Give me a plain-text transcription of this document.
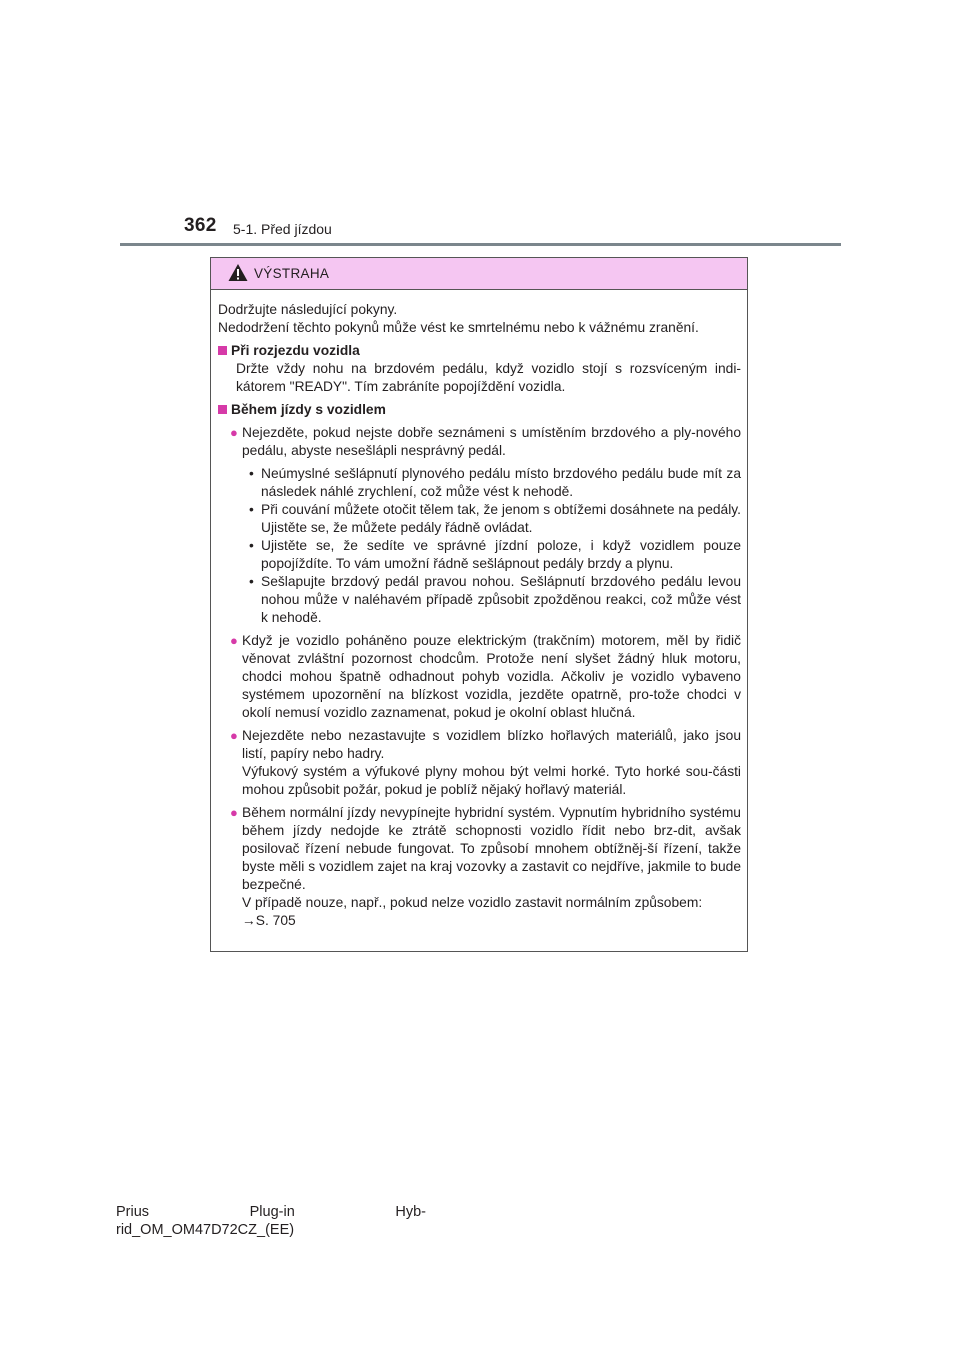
362 5-1. Před jízdou
VÝSTRAHA

Dodržujte následující pokyny.

Nedodržení těchto pokynů může vést ke smrtelnému nebo k vážnému zranění.

Při rozjezdu vozidla

Držte vždy nohu na brzdovém pedálu, když vozidlo stojí s rozsvíceným indi-kátorem "READY". Tím zabráníte popojíždění vozidla.

Během jízdy s vozidlem
● Nejezděte, pokud nejste dobře seznámeni s umístěním brzdového a ply-nového pedálu, abyste nesešlápli nesprávný pedál.
• Neúmyslné sešlápnutí plynového pedálu místo brzdového pedálu bude mít za následek náhlé zrychlení, což může vést k nehodě.
• Při couvání můžete otočit tělem tak, že jenom s obtížemi dosáhnete na pedály. Ujistěte se, že můžete pedály řádně ovládat.
• Ujistěte se, že sedíte ve správné jízdní poloze, i když vozidlem pouze popojíždíte. To vám umožní řádně sešlápnout pedály brzdy a plynu.
• Sešlapujte brzdový pedál pravou nohou. Sešlápnutí brzdového pedálu levou nohou může v naléhavém případě způsobit zpožděnou reakci, což může vést k nehodě.
● Když je vozidlo poháněno pouze elektrickým (trakčním) motorem, měl by řidič věnovat zvláštní pozornost chodcům. Protože není slyšet žádný hluk motoru, chodci mohou špatně odhadnout pohyb vozidla. Ačkoliv je vozidlo vybaveno systémem upozornění na blízkost vozidla, jezděte opatrně, pro-tože chodci v okolí nemusí vozidlo zaznamenat, pokud je okolní oblast hlučná.
● Nejezděte nebo nezastavujte s vozidlem blízko hořlavých materiálů, jako jsou listí, papíry nebo hadry.
Výfukový systém a výfukové plyny mohou být velmi horké. Tyto horké sou-části mohou způsobit požár, pokud je poblíž nějaký hořlavý materiál.
● Během normální jízdy nevypínejte hybridní systém. Vypnutím hybridního systému během jízdy nedojde ke ztrátě schopnosti vozidlo řídit nebo brz-dit, avšak posilovač řízení nebude fungovat. To způsobí mnohem obtížněj-ší řízení, takže byste měli s vozidlem zajet na kraj vozovky a zastavit co nejdříve, jakmile to bude bezpečné.
V případě nouze, např., pokud nelze vozidlo zastavit normálním způsobem:
→S. 705
Prius	Plug-in	Hyb-
rid_OM_OM47D72CZ_(EE)
